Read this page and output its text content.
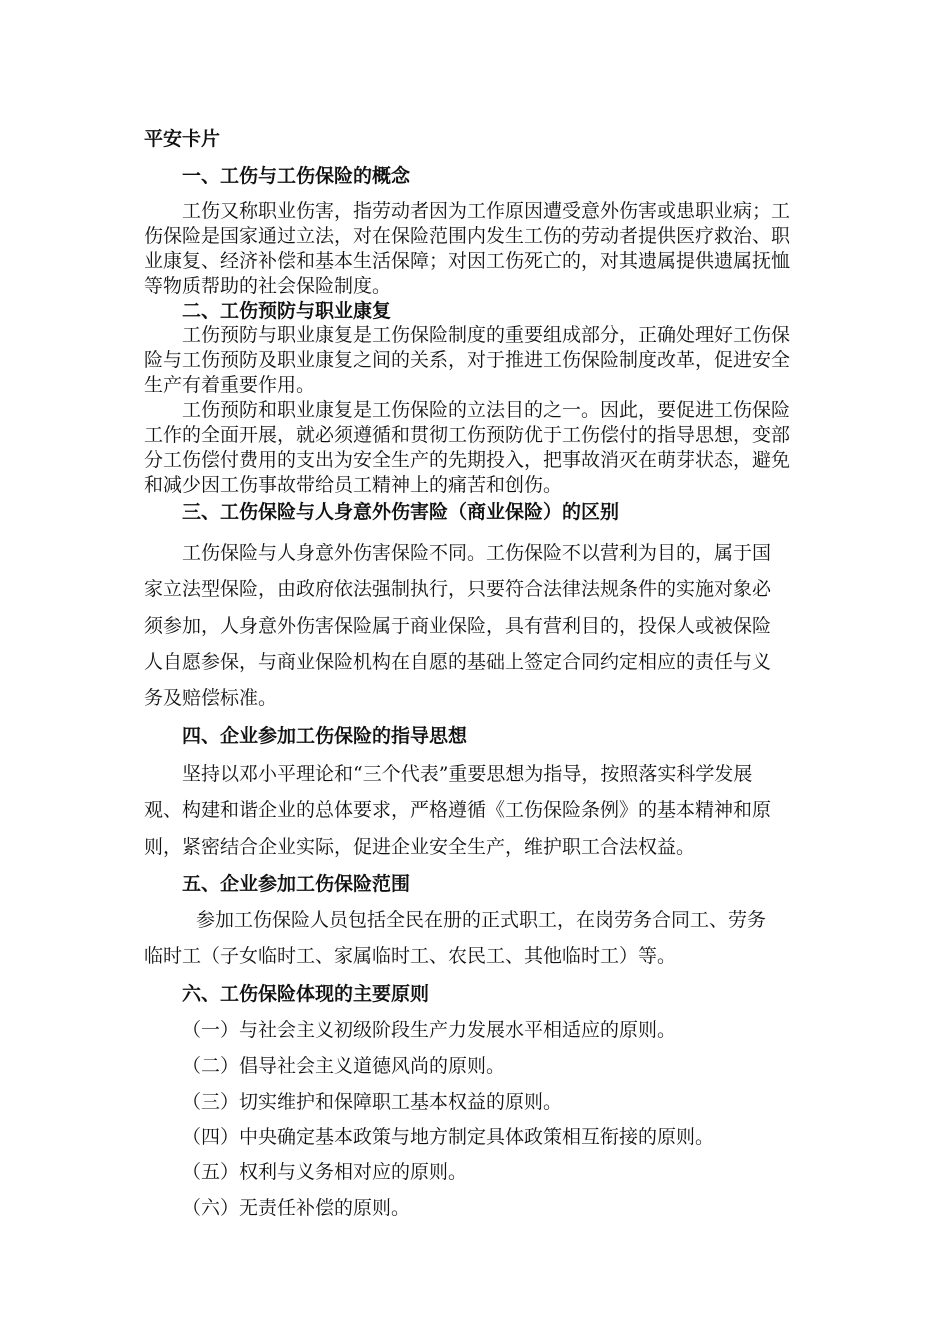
平安卡片
一、工伤与工伤保险的概念
工伤又称职业伤害，指劳动者因为工作原因遭受意外伤害或患职业病；工
伤保险是国家通过立法，对在保险范围内发生工伤的劳动者提供医疗救治、职
业康复、经济补偿和基本生活保障；对因工伤死亡的，对其遗属提供遗属抚恤
等物质帮助的社会保险制度。
二、工伤预防与职业康复
工伤预防与职业康复是工伤保险制度的重要组成部分，正确处理好工伤保
险与工伤预防及职业康复之间的关系，对于推进工伤保险制度改革，促进安全
生产有着重要作用。
工伤预防和职业康复是工伤保险的立法目的之一。因此，要促进工伤保险
工作的全面开展，就必须遵循和贯彻工伤预防优于工伤偿付的指导思想，变部
分工伤偿付费用的支出为安全生产的先期投入，把事故消灭在萌芽状态，避免
和减少因工伤事故带给员工精神上的痛苦和创伤。
三、工伤保险与人身意外伤害险（商业保险）的区别
工伤保险与人身意外伤害保险不同。工伤保险不以营利为目的，属于国
家立法型保险，由政府依法强制执行，只要符合法律法规条件的实施对象必
须参加，人身意外伤害保险属于商业保险，具有营利目的，投保人或被保险
人自愿参保，与商业保险机构在自愿的基础上签定合同约定相应的责任与义
务及赔偿标准。
四、企业参加工伤保险的指导思想
坚持以邓小平理论和“三个代表”重要思想为指导，按照落实科学发展
观、构建和谐企业的总体要求，严格遵循《工伤保险条例》的基本精神和原
则，紧密结合企业实际，促进企业安全生产，维护职工合法权益。
五、企业参加工伤保险范围
参加工伤保险人员包括全民在册的正式职工，在岗劳务合同工、劳务
临时工（子女临时工、家属临时工、农民工、其他临时工）等。
六、工伤保险体现的主要原则
（一）与社会主义初级阶段生产力发展水平相适应的原则。
（二）倡导社会主义道德风尚的原则。
（三）切实维护和保障职工基本权益的原则。
（四）中央确定基本政策与地方制定具体政策相互衔接的原则。
（五）权利与义务相对应的原则。
（六）无责任补偿的原则。
